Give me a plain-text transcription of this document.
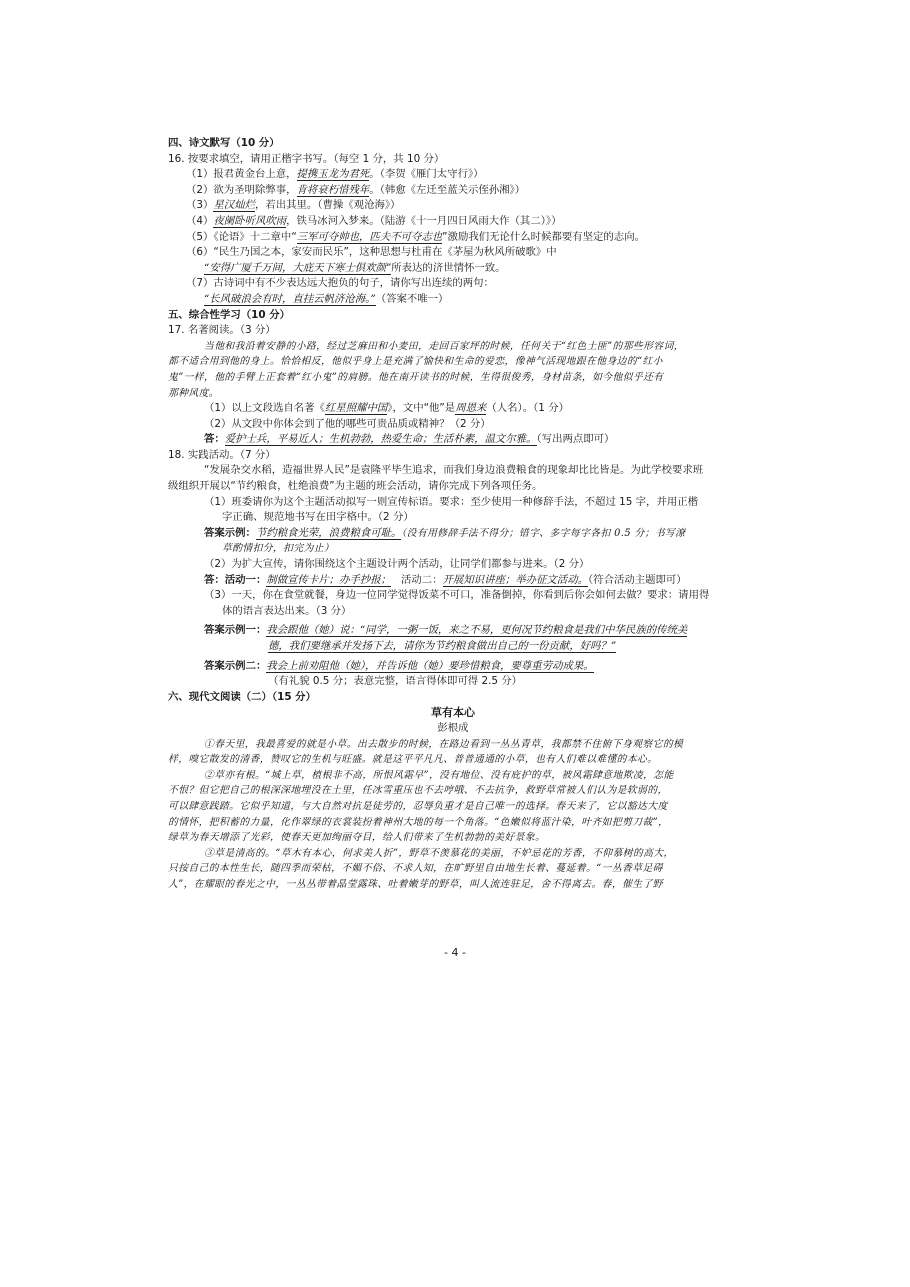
四、诗文默写（10 分）
16. 按要求填空，请用正楷字书写。（每空 1 分，共 10 分）
（1）报君黄金台上意，提携玉龙为君死。（李贺《雁门太守行》）
（2）欲为圣明除弊事，肯将衰朽惜残年。（韩愈《左迁至蓝关示侄孙湘》）
（3）星汉灿烂，若出其里。（曹操《观沧海》）
（4）夜阑卧听风吹雨，铁马冰河入梦来。（陆游《十一月四日风雨大作（其二）》）
（5）《论语》十二章中“三军可夺帅也，匹夫不可夺志也”激励我们无论什么时候都要有坚定的志向。
（6）“民生乃国之本，家安而民乐”，这种思想与杜甫在《茅屋为秋风所破歌》中
“安得广厦千万间，大庇天下寒士俱欢颜”所表达的济世情怀一致。
（7）古诗词中有不少表达远大抱负的句子，请你写出连续的两句：
“长风破浪会有时，直挂云帆济沧海。”（答案不唯一）
五、综合性学习（10 分）
17. 名著阅读。（3 分）
当他和我沿着安静的小路，经过芝麻田和小麦田，走回百家坪的时候，任何关于“红色土匪”的那些形容词，
都不适合用到他的身上。恰恰相反，他似乎身上是充满了愉快和生命的爱恋，像神气活现地跟在他身边的“红小
鬼”一样，他的手臂上正套着“红小鬼”的肩膀。他在南开读书的时候，生得很俊秀，身材苗条，如今他似乎还有
那种风度。
（1）以上文段选自名著《红星照耀中国》，文中“他”是周恩来（人名）。（1 分）
（2）从文段中你体会到了他的哪些可贵品质或精神？（2 分）
答：爱护士兵，平易近人；生机勃勃，热爱生命；生活朴素，温文尔雅。（写出两点即可）
18. 实践活动。（7 分）
“发展杂交水稻，造福世界人民”是袁隆平毕生追求，而我们身边浪费粮食的现象却比比皆是。为此学校要求班
级组织开展以“节约粮食，杜绝浪费”为主题的班会活动，请你完成下列各项任务。
（1）班委请你为这个主题活动拟写一则宣传标语。要求：至少使用一种修辞手法，不超过 15 字，并用正楷
字正确、规范地书写在田字格中。（2 分）
答案示例：节约粮食光荣，浪费粮食可耻。（没有用修辞手法不得分；错字、多字每字各扣 0.5 分；书写潦
草酌情扣分，扣完为止）
（2）为扩大宣传，请你围绕这个主题设计两个活动，让同学们都参与进来。（2 分）
答：活动一：制做宣传卡片；办手抄报； 活动二：开展知识讲座；举办征文活动。（符合活动主题即可）
（3）一天，你在食堂就餐，身边一位同学觉得饭菜不可口，准备倒掉，你看到后你会如何去做？要求：请用得
体的语言表达出来。（3 分）
答案示例一：我会跟他（她）说：“同学，一粥一饭，来之不易，更何况节约粮食是我们中华民族的传统美
德，我们要继承并发扬下去，请你为节约粮食做出自己的一份贡献，好吗？”
答案示例二：我会上前劝阻他（她），并告诉他（她）要珍惜粮食，要尊重劳动成果。
（有礼貌 0.5 分；表意完整，语言得体即可得 2.5 分）
六、现代文阅读（二）（15 分）
草有本心
彭根成
①春天里，我最喜爱的就是小草。出去散步的时候，在路边看到一丛丛青草，我都禁不住俯下身观察它的模
样，嗅它散发的清香，赞叹它的生机与旺盛。就是这平平凡凡、普普通通的小草，也有人们难以难懂的本心。
②草亦有根。“城上草，植根非不高，所恨风霜早”，没有地位、没有庇护的草，被风霜肆意地欺凌，怎能
不恨？但它把自己的根深深地埋没在土里，任冰雪重压也不去哼哦、不去抗争，救野草常被人们认为是软弱的，
可以肆意践踏。它似乎知道，与大自然对抗是徒劳的，忍辱负重才是自己唯一的选择。春天来了，它以豁达大度
的情怀，把积蓄的力量，化作翠绿的衣裳装扮着神州大地的每一个角落。“色嫩似将蓝汁染，叶齐如把剪刀裁”，
绿草为春天增添了光彩，使春天更加绚丽夺目，给人们带来了生机勃勃的美好景象。
③草是清高的。“草木有本心，何求美人折”，野草不羡慕花的美丽，不妒忌花的芳香，不仰慕树的高大，
只按自己的本性生长，随四季而荣枯，不媚不俗、不求人知，在旷野里自由地生长着、蔓延着。“一丛香草足碍
人”，在耀眼的春光之中，一丛丛带着晶莹露珠、吐着嫩芽的野草，叫人流连驻足，舍不得离去。春，催生了野
- 4 -
